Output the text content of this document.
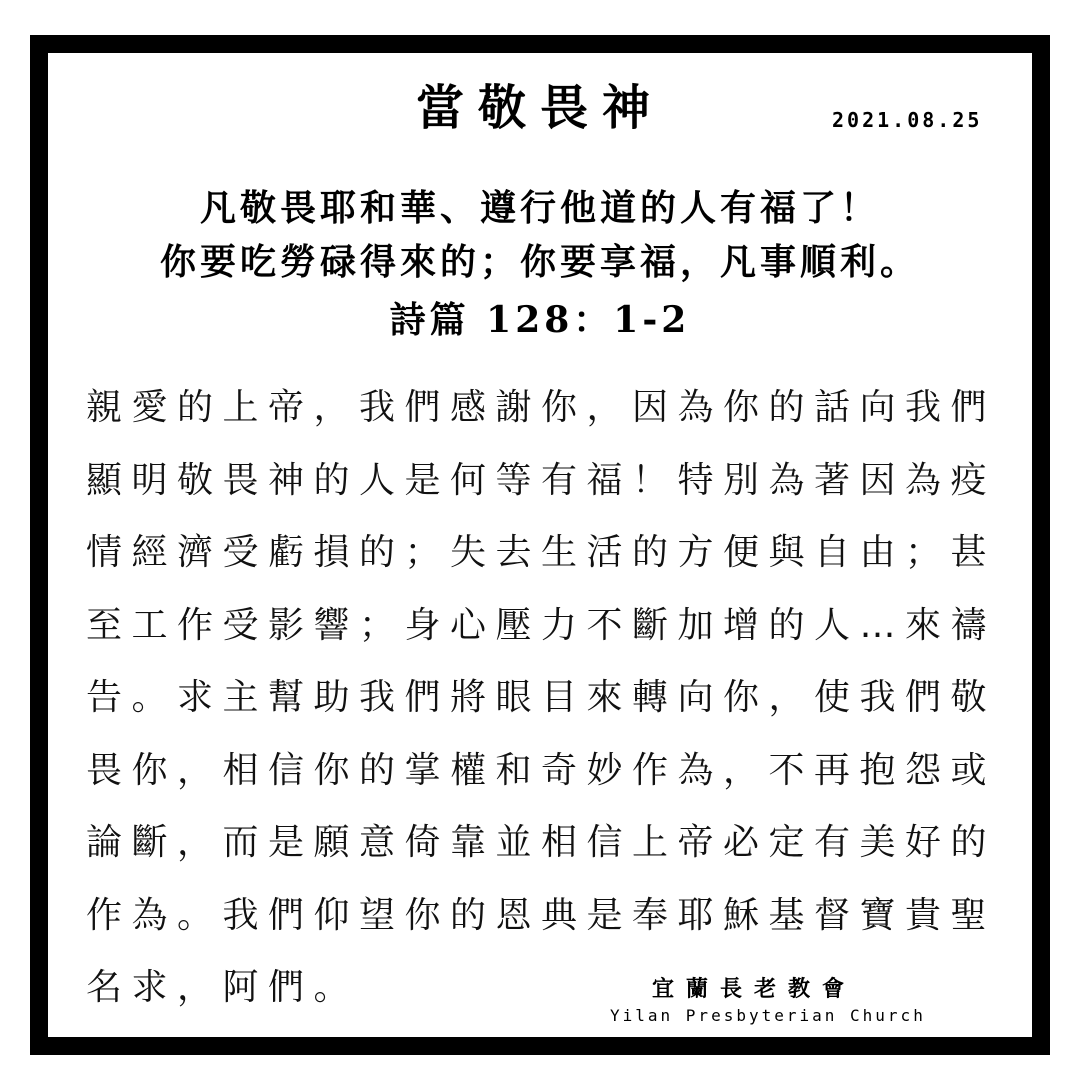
當敬畏神	2021.08.25
凡敬畏耶和華、遵行他道的人有福了！
你要吃勞碌得來的；你要享福，凡事順利。
詩篇 128：1-2
親愛的上帝，我們感謝你，因為你的話向我們
顯明敬畏神的人是何等有福！特別為著因為疫
情經濟受虧損的；失去生活的方便與自由；甚
至工作受影響；身心壓力不斷加增的人…來禱
告。求主幫助我們將眼目來轉向你，使我們敬
畏你，相信你的掌權和奇妙作為，不再抱怨或
論斷，而是願意倚靠並相信上帝必定有美好的
作為。我們仰望你的恩典是奉耶穌基督寶貴聖
名求，阿們。	宜蘭長老教會
Yilan Presbyterian Church
